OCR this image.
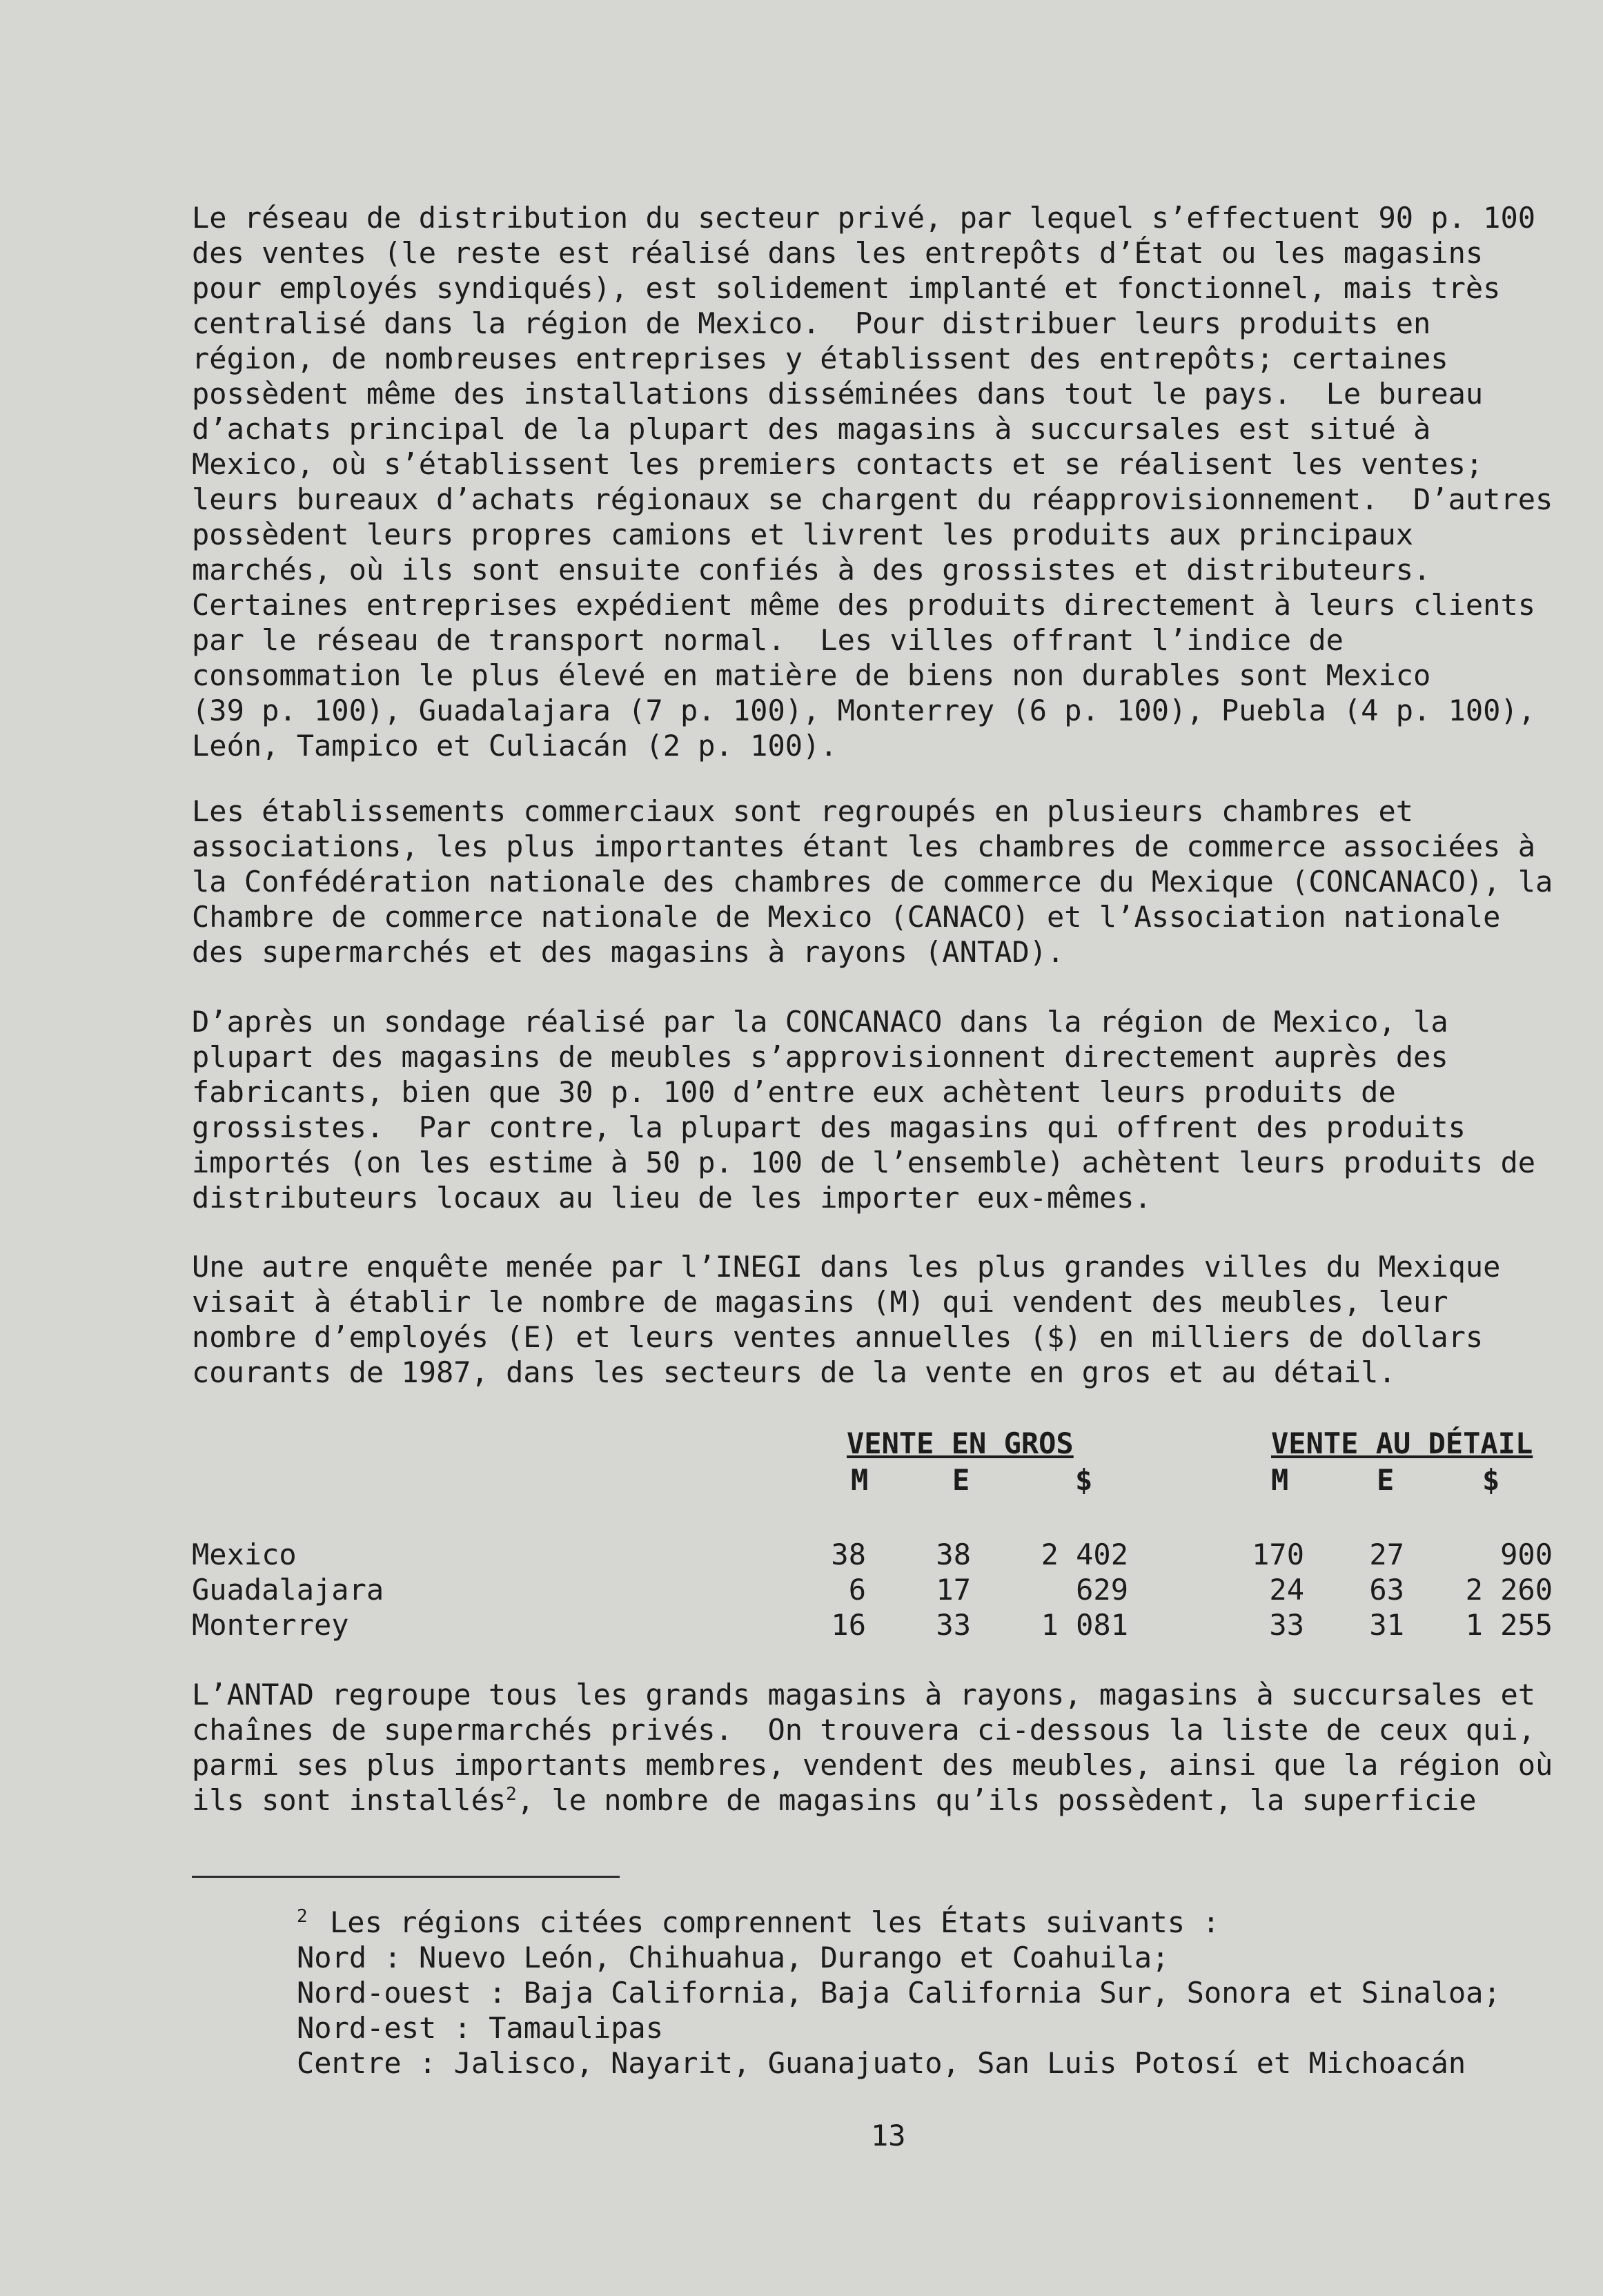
Le réseau de distribution du secteur privé, par lequel s’effectuent 90 p. 100
des ventes (le reste est réalisé dans les entrepôts d’État ou les magasins
pour employés syndiqués), est solidement implanté et fonctionnel, mais très
centralisé dans la région de Mexico.  Pour distribuer leurs produits en
région, de nombreuses entreprises y établissent des entrepôts; certaines
possèdent même des installations disséminées dans tout le pays.  Le bureau
d’achats principal de la plupart des magasins à succursales est situé à
Mexico, où s’établissent les premiers contacts et se réalisent les ventes;
leurs bureaux d’achats régionaux se chargent du réapprovisionnement.  D’autres
possèdent leurs propres camions et livrent les produits aux principaux
marchés, où ils sont ensuite confiés à des grossistes et distributeurs.
Certaines entreprises expédient même des produits directement à leurs clients
par le réseau de transport normal.  Les villes offrant l’indice de
consommation le plus élevé en matière de biens non durables sont Mexico
(39 p. 100), Guadalajara (7 p. 100), Monterrey (6 p. 100), Puebla (4 p. 100),
León, Tampico et Culiacán (2 p. 100).
Les établissements commerciaux sont regroupés en plusieurs chambres et
associations, les plus importantes étant les chambres de commerce associées à
la Confédération nationale des chambres de commerce du Mexique (CONCANACO), la
Chambre de commerce nationale de Mexico (CANACO) et l’Association nationale
des supermarchés et des magasins à rayons (ANTAD).
D’après un sondage réalisé par la CONCANACO dans la région de Mexico, la
plupart des magasins de meubles s’approvisionnent directement auprès des
fabricants, bien que 30 p. 100 d’entre eux achètent leurs produits de
grossistes.  Par contre, la plupart des magasins qui offrent des produits
importés (on les estime à 50 p. 100 de l’ensemble) achètent leurs produits de
distributeurs locaux au lieu de les importer eux-mêmes.
Une autre enquête menée par l’INEGI dans les plus grandes villes du Mexique
visait à établir le nombre de magasins (M) qui vendent des meubles, leur
nombre d’employés (E) et leurs ventes annuelles ($) en milliers de dollars
courants de 1987, dans les secteurs de la vente en gros et au détail.
VENTE EN GROS	VENTE AU DÉTAIL
M	E	$	M	E	$
Mexico	38	38	2 402	170	27	900
Guadalajara	6	17	629	24	63	2 260
Monterrey	16	33	1 081	33	31	1 255
L’ANTAD regroupe tous les grands magasins à rayons, magasins à succursales et
chaînes de supermarchés privés.  On trouvera ci-dessous la liste de ceux qui,
parmi ses plus importants membres, vendent des meubles, ainsi que la région où
ils sont installés$^2$, le nombre de magasins qu’ils possèdent, la superficie
2 Les régions citées comprennent les États suivants :
Nord : Nuevo León, Chihuahua, Durango et Coahuila;
Nord-ouest : Baja California, Baja California Sur, Sonora et Sinaloa;
Nord-est : Tamaulipas
Centre : Jalisco, Nayarit, Guanajuato, San Luis Potosí et Michoacán
13
